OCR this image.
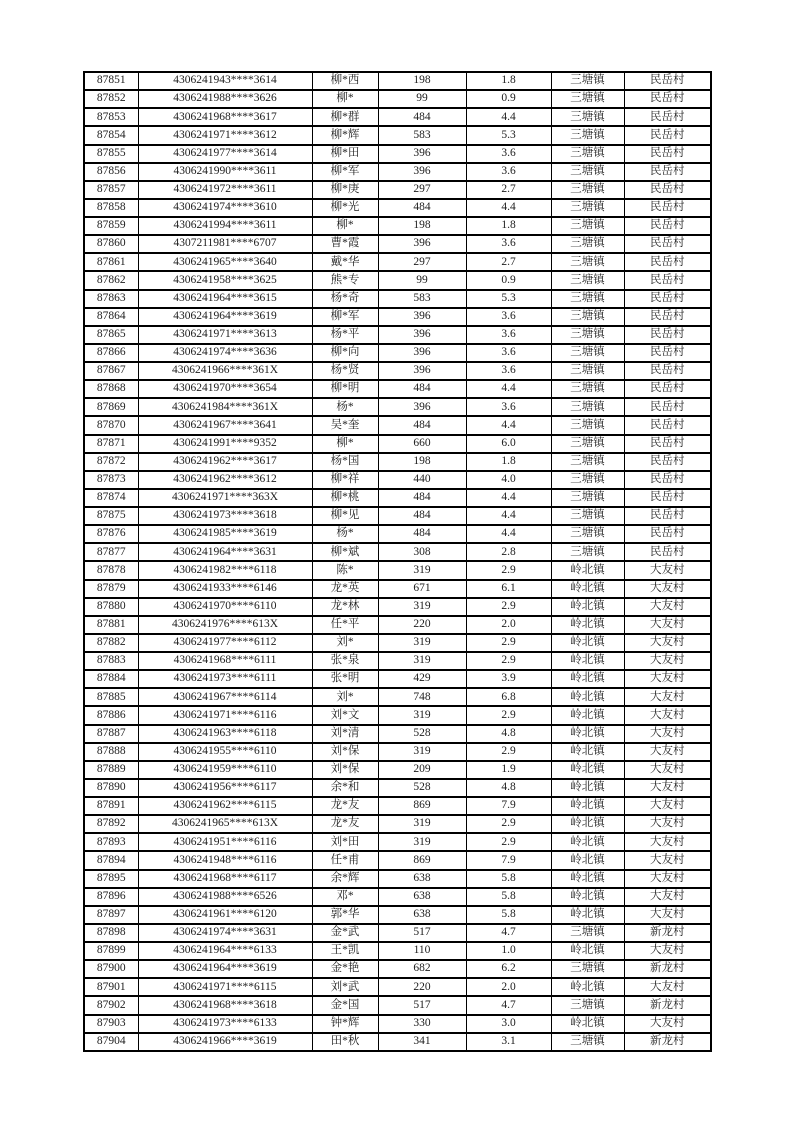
87851	4306241943****3614	柳*西	198	1.8	三塘镇	民岳村
87852	4306241988****3626	柳*	99	0.9	三塘镇	民岳村
87853	4306241968****3617	柳*群	484	4.4	三塘镇	民岳村
87854	4306241971****3612	柳*辉	583	5.3	三塘镇	民岳村
87855	4306241977****3614	柳*田	396	3.6	三塘镇	民岳村
87856	4306241990****3611	柳*军	396	3.6	三塘镇	民岳村
87857	4306241972****3611	柳*庚	297	2.7	三塘镇	民岳村
87858	4306241974****3610	柳*光	484	4.4	三塘镇	民岳村
87859	4306241994****3611	柳*	198	1.8	三塘镇	民岳村
87860	4307211981****6707	曹*霞	396	3.6	三塘镇	民岳村
87861	4306241965****3640	戴*华	297	2.7	三塘镇	民岳村
87862	4306241958****3625	熊*专	99	0.9	三塘镇	民岳村
87863	4306241964****3615	杨*奇	583	5.3	三塘镇	民岳村
87864	4306241964****3619	柳*军	396	3.6	三塘镇	民岳村
87865	4306241971****3613	杨*平	396	3.6	三塘镇	民岳村
87866	4306241974****3636	柳*向	396	3.6	三塘镇	民岳村
87867	4306241966****361X	杨*贤	396	3.6	三塘镇	民岳村
87868	4306241970****3654	柳*明	484	4.4	三塘镇	民岳村
87869	4306241984****361X	杨*	396	3.6	三塘镇	民岳村
87870	4306241967****3641	吴*奎	484	4.4	三塘镇	民岳村
87871	4306241991****9352	柳*	660	6.0	三塘镇	民岳村
87872	4306241962****3617	杨*国	198	1.8	三塘镇	民岳村
87873	4306241962****3612	柳*祥	440	4.0	三塘镇	民岳村
87874	4306241971****363X	柳*桃	484	4.4	三塘镇	民岳村
87875	4306241973****3618	柳*见	484	4.4	三塘镇	民岳村
87876	4306241985****3619	杨*	484	4.4	三塘镇	民岳村
87877	4306241964****3631	柳*斌	308	2.8	三塘镇	民岳村
87878	4306241982****6118	陈*	319	2.9	岭北镇	大友村
87879	4306241933****6146	龙*英	671	6.1	岭北镇	大友村
87880	4306241970****6110	龙*林	319	2.9	岭北镇	大友村
87881	4306241976****613X	任*平	220	2.0	岭北镇	大友村
87882	4306241977****6112	刘*	319	2.9	岭北镇	大友村
87883	4306241968****6111	张*泉	319	2.9	岭北镇	大友村
87884	4306241973****6111	张*明	429	3.9	岭北镇	大友村
87885	4306241967****6114	刘*	748	6.8	岭北镇	大友村
87886	4306241971****6116	刘*文	319	2.9	岭北镇	大友村
87887	4306241963****6118	刘*清	528	4.8	岭北镇	大友村
87888	4306241955****6110	刘*保	319	2.9	岭北镇	大友村
87889	4306241959****6110	刘*保	209	1.9	岭北镇	大友村
87890	4306241956****6117	余*和	528	4.8	岭北镇	大友村
87891	4306241962****6115	龙*友	869	7.9	岭北镇	大友村
87892	4306241965****613X	龙*友	319	2.9	岭北镇	大友村
87893	4306241951****6116	刘*田	319	2.9	岭北镇	大友村
87894	4306241948****6116	任*甫	869	7.9	岭北镇	大友村
87895	4306241968****6117	余*辉	638	5.8	岭北镇	大友村
87896	4306241988****6526	邓*	638	5.8	岭北镇	大友村
87897	4306241961****6120	郭*华	638	5.8	岭北镇	大友村
87898	4306241974****3631	金*武	517	4.7	三塘镇	新龙村
87899	4306241964****6133	王*凯	110	1.0	岭北镇	大友村
87900	4306241964****3619	金*艳	682	6.2	三塘镇	新龙村
87901	4306241971****6115	刘*武	220	2.0	岭北镇	大友村
87902	4306241968****3618	金*国	517	4.7	三塘镇	新龙村
87903	4306241973****6133	钟*辉	330	3.0	岭北镇	大友村
87904	4306241966****3619	田*秋	341	3.1	三塘镇	新龙村
